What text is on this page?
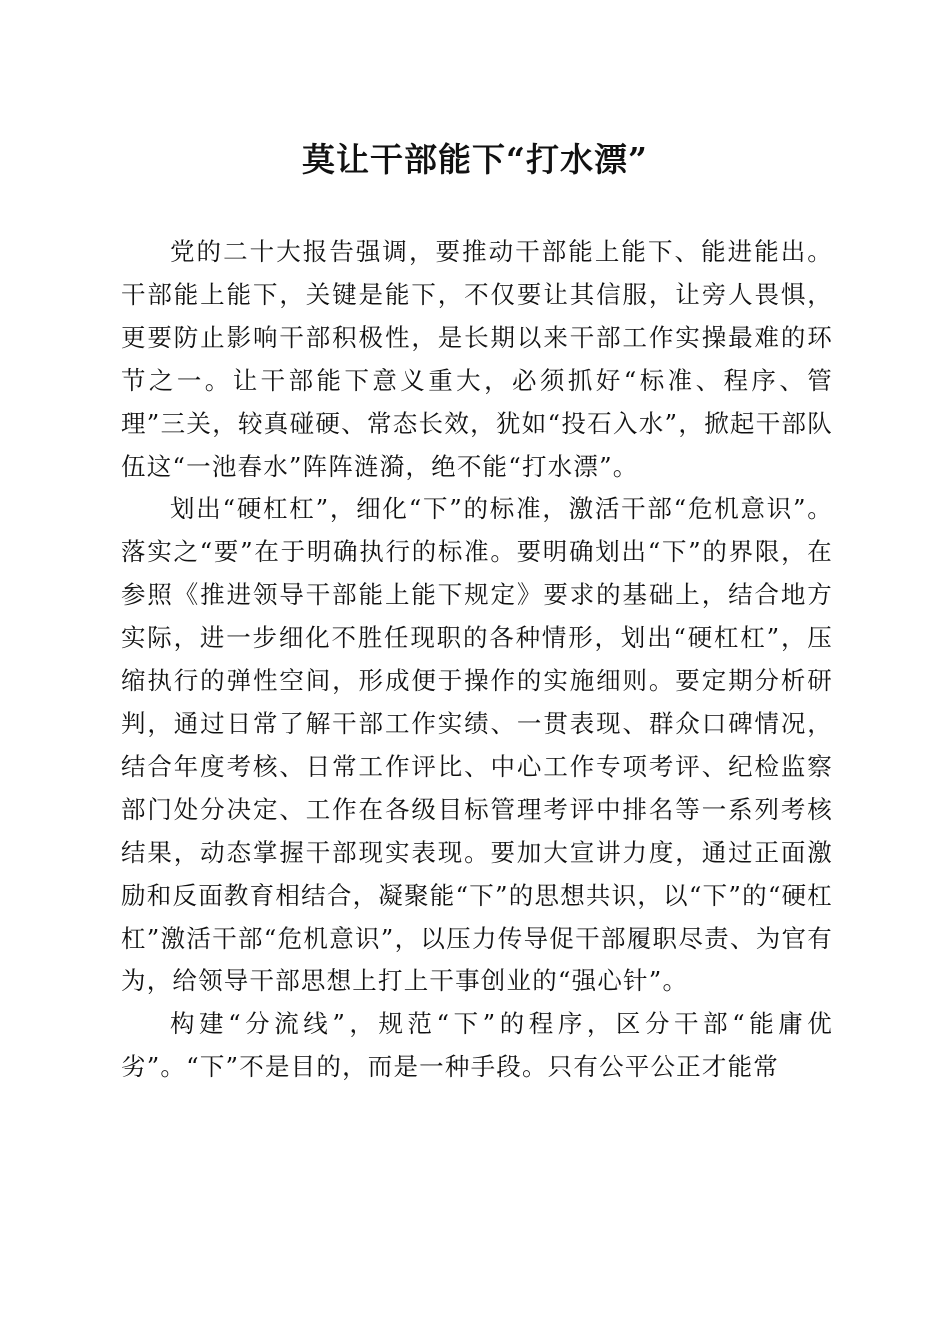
莫让干部能下“打水漂”

党的二十大报告强调，要推动干部能上能下、能进能出。干部能上能下，关键是能下，不仅要让其信服，让旁人畏惧，更要防止影响干部积极性，是长期以来干部工作实操最难的环节之一。让干部能下意义重大，必须抓好“标准、程序、管理”三关，较真碰硬、常态长效，犹如“投石入水”，掀起干部队伍这“一池春水”阵阵涟漪，绝不能“打水漂”。

划出“硬杠杠”，细化“下”的标准，激活干部“危机意识”。落实之“要”在于明确执行的标准。要明确划出“下”的界限，在参照《推进领导干部能上能下规定》要求的基础上，结合地方实际，进一步细化不胜任现职的各种情形，划出“硬杠杠”，压缩执行的弹性空间，形成便于操作的实施细则。要定期分析研判，通过日常了解干部工作实绩、一贯表现、群众口碑情况，结合年度考核、日常工作评比、中心工作专项考评、纪检监察部门处分决定、工作在各级目标管理考评中排名等一系列考核结果，动态掌握干部现实表现。要加大宣讲力度，通过正面激励和反面教育相结合，凝聚能“下”的思想共识，以“下”的“硬杠杠”激活干部“危机意识”，以压力传导促干部履职尽责、为官有为，给领导干部思想上打上干事创业的“强心针”。

构建“分流线”，规范“下”的程序，区分干部“能庸优劣”。“下”不是目的，而是一种手段。只有公平公正才能常
